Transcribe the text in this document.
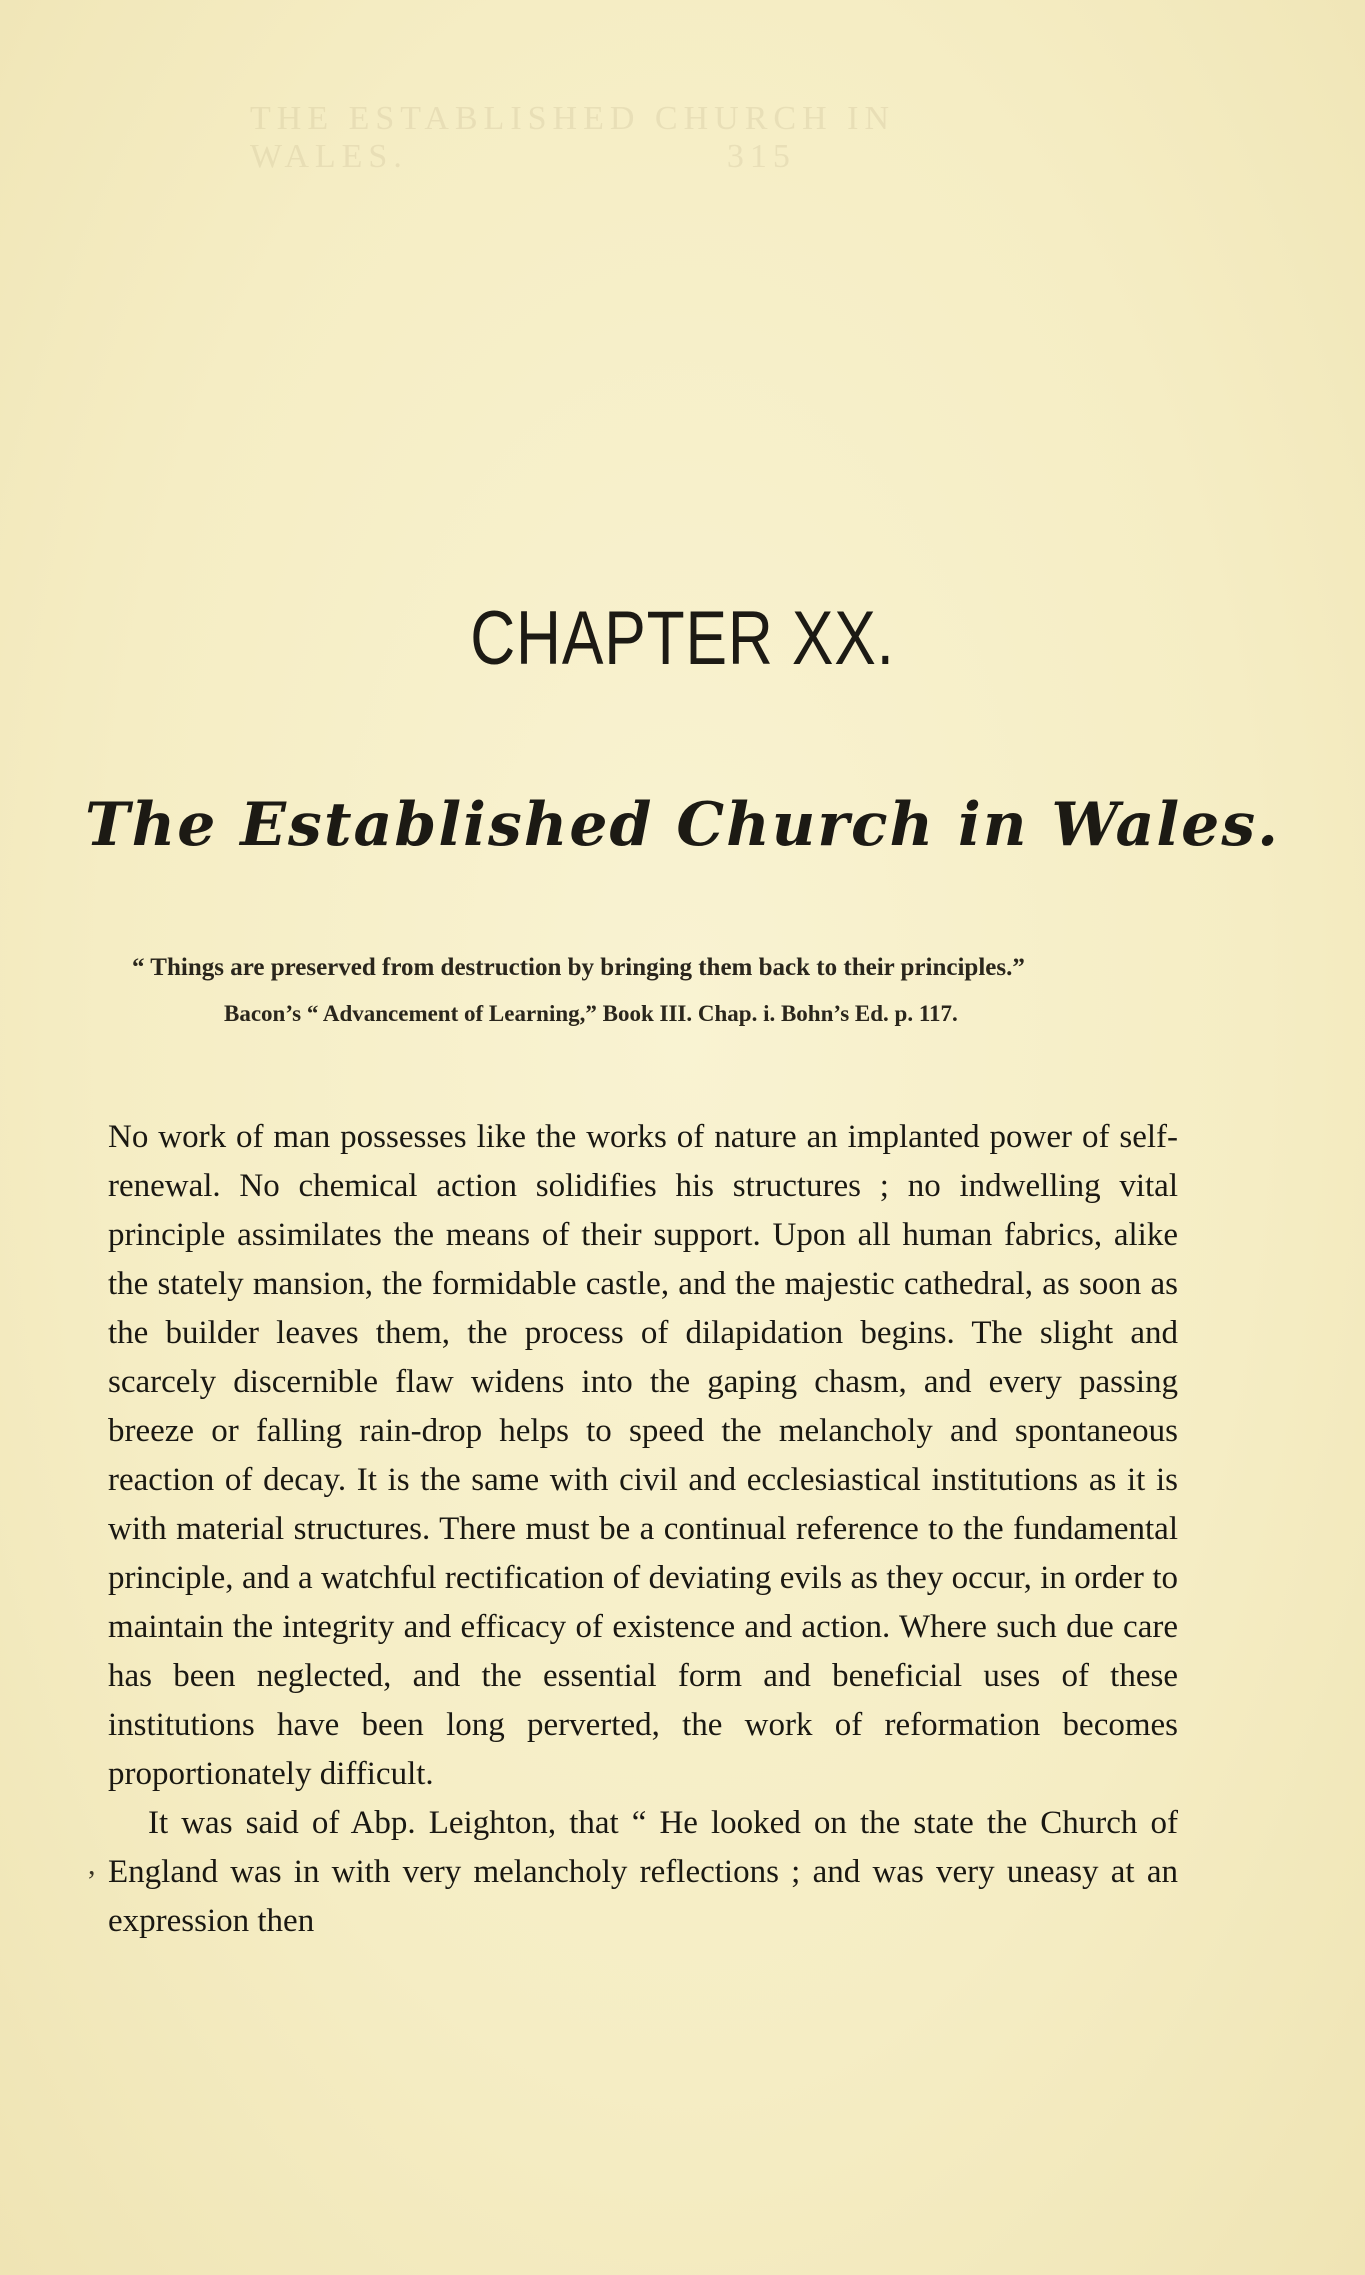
THE ESTABLISHED CHURCH IN WALES.                      315
CHAPTER XX.
The Established Church in Wales.

“ Things are preserved from destruction by bringing them back to their principles.”

Bacon’s “ Advancement of Learning,” Book III. Chap. i. Bohn’s Ed. p. 117.

No work of man possesses like the works of nature an implanted power of self-renewal. No chemical action solidifies his structures ; no indwelling vital principle assimilates the means of their support. Upon all human fabrics, alike the stately mansion, the formidable castle, and the majestic cathedral, as soon as the builder leaves them, the process of dilapidation begins. The slight and scarcely discernible flaw widens into the gaping chasm, and every passing breeze or falling rain-drop helps to speed the melancholy and spontaneous reaction of decay. It is the same with civil and ecclesiastical institutions as it is with material structures. There must be a continual reference to the fundamental principle, and a watchful rectification of deviating evils as they occur, in order to maintain the integrity and efficacy of existence and action. Where such due care has been neglected, and the essential form and beneficial uses of these institutions have been long perverted, the work of reformation becomes proportionately difficult.

It was said of Abp. Leighton, that “ He looked on the state the Church of England was in with very melancholy reflections ; and was very uneasy at an expression then

,
